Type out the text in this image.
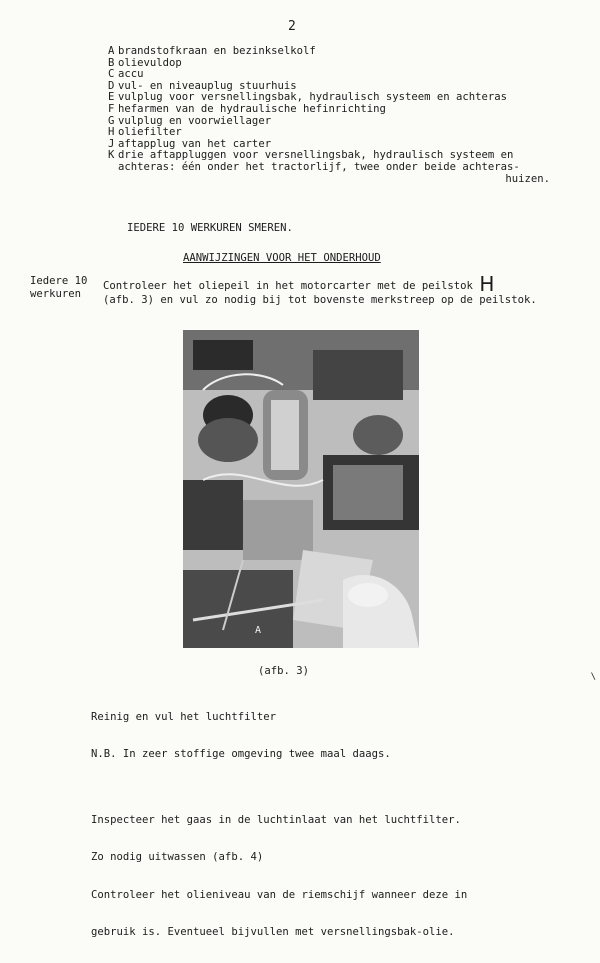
2
A brandstofkraan en bezinkselkolf
B olievuldop
C accu
D vul- en niveauplug stuurhuis
E vulplug voor versnellingsbak, hydraulisch systeem en achteras
F hefarmen van de hydraulische hefinrichting
G vulplug en voorwiellager
H oliefilter
J aftapplug van het carter
K drie aftappluggen voor versnellingsbak, hydraulisch systeem en
achteras: één onder het tractorlijf, twee onder beide achteras-
huizen.
IEDERE 10 WERKUREN SMEREN.
AANWIJZINGEN VOOR HET ONDERHOUD
Iedere 10
werkuren
Controleer het oliepeil in het motorcarter met de peilstok H
(afb. 3) en vul zo nodig bij tot bovenste merkstreep op de peilstok.
A
(afb. 3)	\

Reinig en vul het luchtfilter

N.B. In zeer stoffige omgeving twee maal daags.

Inspecteer het gaas in de luchtinlaat van het luchtfilter.

Zo nodig uitwassen (afb. 4)

Controleer het olieniveau van de riemschijf wanneer deze in

gebruik is. Eventueel bijvullen met versnellingsbak-olie.
